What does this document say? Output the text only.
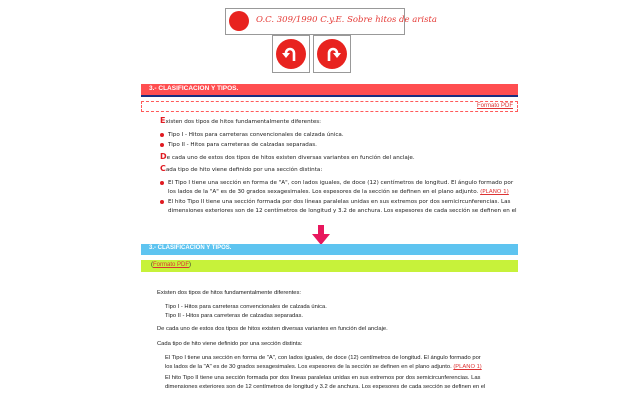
O.C. 309/1990 C.y.E. Sobre hitos de arista
3.- CLASIFICACION Y TIPOS.
Formato PDF
Existen dos tipos de hitos fundamentalmente diferentes:
Tipo I - Hitos para carreteras convencionales de calzada única.
Tipo II - Hitos para carreteras de calzadas separadas.
De cada uno de estos dos tipos de hitos existen diversas variantes en función del anclaje.
Cada tipo de hito viene definido por una sección distinta:
El Tipo I tiene una sección en forma de "A", con lados iguales, de doce (12) centímetros de longitud. El ángulo formado por
los lados de la "A" es de 30 grados sexagesimales. Los espesores de la sección se definen en el plano adjunto. (PLANO 1)
El hito Tipo II tiene una sección formada por dos líneas paralelas unidas en sus extremos por dos semicircunferencias. Las
dimensiones exteriores son de 12 centímetros de longitud y 3.2 de anchura. Los espesores de cada sección se definen en el
3.- CLASIFICACION Y TIPOS.
(Formato PDF)
Existen dos tipos de hitos fundamentalmente diferentes:
Tipo I - Hitos para carreteras convencionales de calzada única.
Tipo II - Hitos para carreteras de calzadas separadas.
De cada uno de estos dos tipos de hitos existen diversas variantes en función del anclaje.
Cada tipo de hito viene definido por una sección distinta:
El Tipo I tiene una sección en forma de "A", con lados iguales, de doce (12) centímetros de longitud. El ángulo formado por
los lados de la "A" es de 30 grados sexagesimales. Los espesores de la sección se definen en el plano adjunto. (PLANO 1)
El hito Tipo II tiene una sección formada por dos líneas paralelas unidas en sus extremos por dos semicircunferencias. Las
dimensiones exteriores son de 12 centímetros de longitud y 3.2 de anchura. Los espesores de cada sección se definen en el
